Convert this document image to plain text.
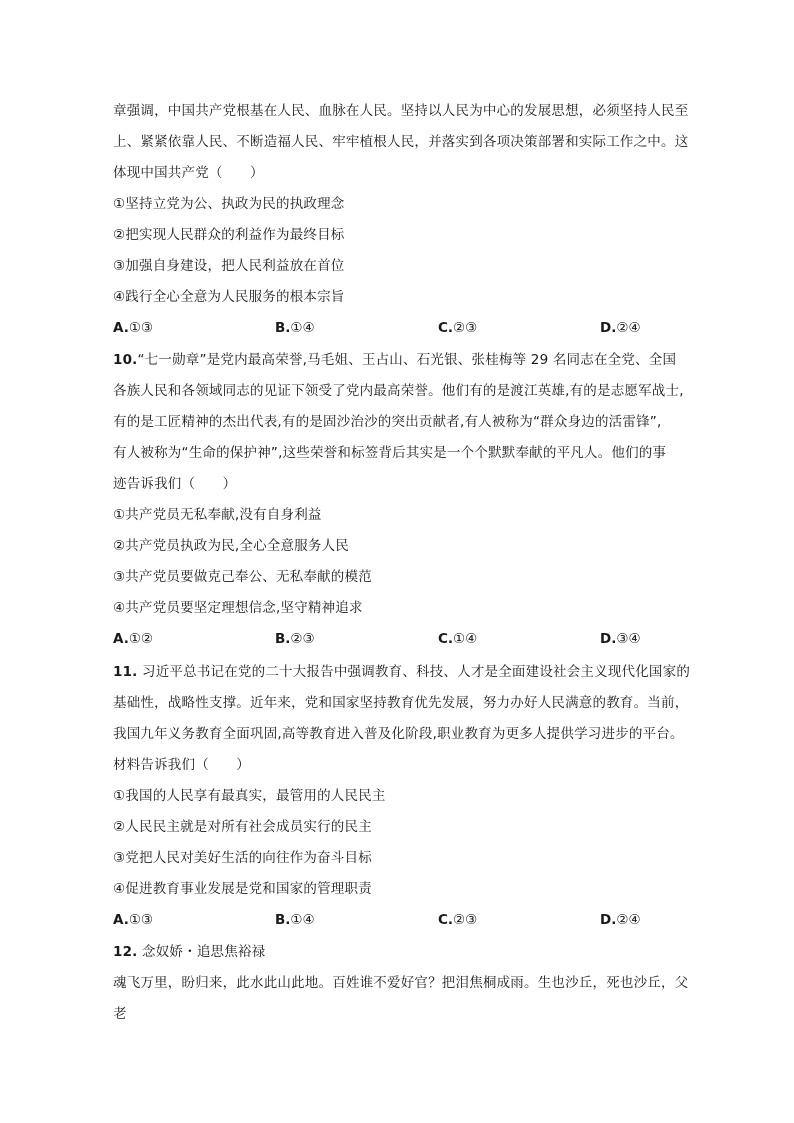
章强调，中国共产党根基在人民、血脉在人民。坚持以人民为中心的发展思想，必须坚持人民至
上、紧紧依靠人民、不断造福人民、牢牢植根人民，并落实到各项决策部署和实际工作之中。这
体现中国共产党（　　）
①坚持立党为公、执政为民的执政理念
②把实现人民群众的利益作为最终目标
③加强自身建设，把人民利益放在首位
④践行全心全意为人民服务的根本宗旨
A.①③	B.①④	C.②③	D.②④
10.“七一勋章”是党内最高荣誉,马毛姐、王占山、石光银、张桂梅等 29 名同志在全党、全国
各族人民和各领域同志的见证下领受了党内最高荣誉。他们有的是渡江英雄,有的是志愿军战士,
有的是工匠精神的杰出代表,有的是固沙治沙的突出贡献者,有人被称为“群众身边的活雷锋”,
有人被称为“生命的保护神”,这些荣誉和标签背后其实是一个个默默奉献的平凡人。他们的事
迹告诉我们（　　）
①共产党员无私奉献,没有自身利益
②共产党员执政为民,全心全意服务人民
③共产党员要做克己奉公、无私奉献的模范
④共产党员要坚定理想信念,坚守精神追求
A.①②	B.②③	C.①④	D.③④
11. 习近平总书记在党的二十大报告中强调教育、科技、人才是全面建设社会主义现代化国家的
基础性，战略性支撑。近年来，党和国家坚持教育优先发展，努力办好人民满意的教育。当前，
我国九年义务教育全面巩固,高等教育进入普及化阶段,职业教育为更多人提供学习进步的平台。
材料告诉我们（　　）
①我国的人民享有最真实，最管用的人民民主
②人民民主就是对所有社会成员实行的民主
③党把人民对美好生活的向往作为奋斗目标
④促进教育事业发展是党和国家的管理职责
A.①③	B.①④	C.②③	D.②④
12. 念奴娇・追思焦裕禄
魂飞万里，盼归来，此水此山此地。百姓谁不爱好官？把泪焦桐成雨。生也沙丘，死也沙丘，父
老
